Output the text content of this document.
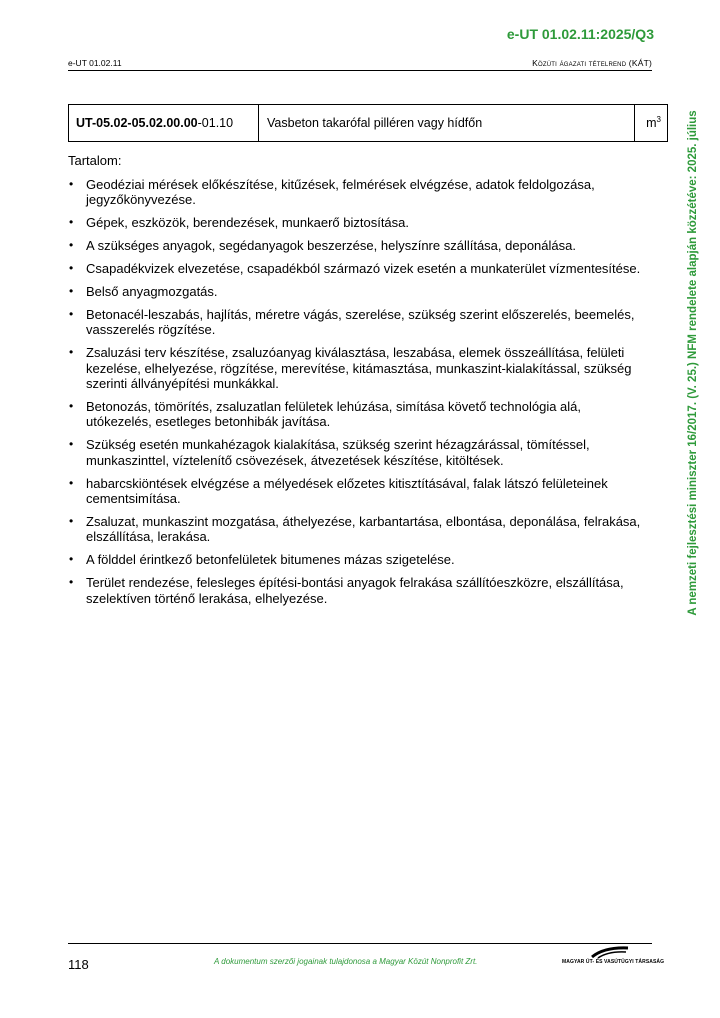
e-UT 01.02.11:2025/Q3
e-UT 01.02.11	Közúti ágazati tételrend (KÁT)
UT-05.02-05.02.00.00-01.10	Vasbeton takarófal pilléren vagy hídfőn	$m^3$
Tartalom:
• Geodéziai mérések előkészítése, kitűzések, felmérések elvégzése, adatok feldolgozása, jegyzőkönyvezése.
• Gépek, eszközök, berendezések, munkaerő biztosítása.
• A szükséges anyagok, segédanyagok beszerzése, helyszínre szállítása, deponálása.
• Csapadékvizek elvezetése, csapadékból származó vizek esetén a munkaterület vízmentesítése.
• Belső anyagmozgatás.
• Betonacél-leszabás, hajlítás, méretre vágás, szerelése, szükség szerint előszerelés, beemelés, vasszerelés rögzítése.
• Zsaluzási terv készítése, zsaluzóanyag kiválasztása, leszabása, elemek összeállítása, felületi kezelése, elhelyezése, rögzítése, merevítése, kitámasztása, munkaszint-kialakítással, szükség szerinti állványépítési munkákkal.
• Betonozás, tömörítés, zsaluzatlan felületek lehúzása, simítása követő technológia alá, utókezelés, esetleges betonhibák javítása.
• Szükség esetén munkahézagok kialakítása, szükség szerint hézagzárással, tömítéssel, munkaszinttel, víztelenítő csövezések, átvezetések készítése, kitöltések.
• habarcskiöntések elvégzése a mélyedések előzetes kitisztításával, falak látszó felületeinek cementsimítása.
• Zsaluzat, munkaszint mozgatása, áthelyezése, karbantartása, elbontása, deponálása, felrakása, elszállítása, lerakása.
• A földdel érintkező betonfelületek bitumenes mázas szigetelése.
• Terület rendezése, felesleges építési-bontási anyagok felrakása szállítóeszközre, elszállítása, szelektíven történő lerakása, elhelyezése.	A nemzeti fejlesztési miniszter 16/2017. (V. 25.) NFM rendelete alapján közzétéve: 2025. július
118	A dokumentum szerzői jogainak tulajdonosa a Magyar Közút Nonprofit Zrt.	MAGYAR ÚT- ÉS VASÚTÜGYI TÁRSASÁG
